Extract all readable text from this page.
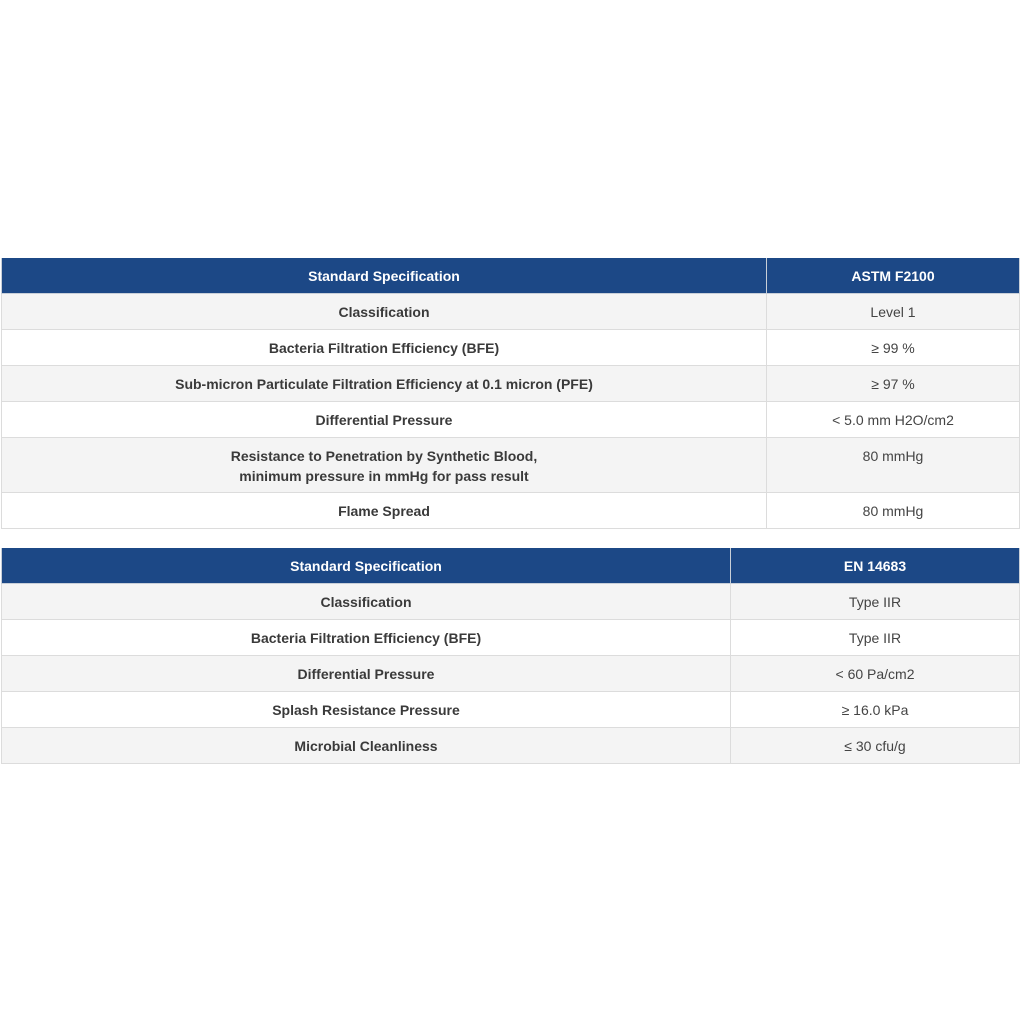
Standard Specification	ASTM F2100
Classification	Level 1
Bacteria Filtration Efficiency (BFE)	≥ 99 %
Sub-micron Particulate Filtration Efficiency at 0.1 micron (PFE)	≥ 97 %
Differential Pressure	< 5.0 mm H2O/cm2

Resistance to Penetration by Synthetic Blood,
minimum pressure in mmHg for pass result	80 mmHg
Flame Spread	80 mmHg
Standard Specification	EN 14683
Classification	Type IIR
Bacteria Filtration Efficiency (BFE)	Type IIR
Differential Pressure	< 60 Pa/cm2
Splash Resistance Pressure	≥ 16.0 kPa
Microbial Cleanliness	≤ 30 cfu/g
